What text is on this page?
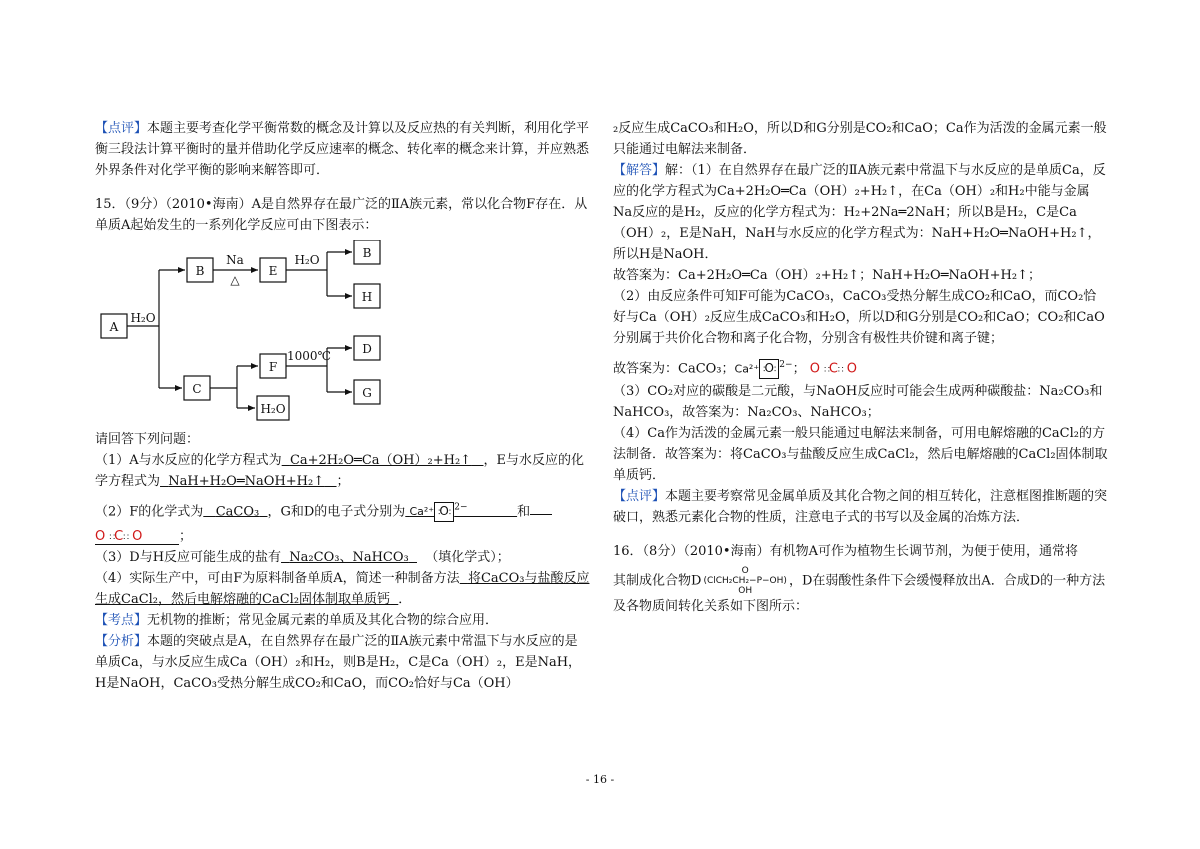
【点评】本题主要考查化学平衡常数的概念及计算以及反应热的有关判断，利用化学平衡三段法计算平衡时的量并借助化学反应速率的概念、转化率的概念来计算，并应熟悉外界条件对化学平衡的影响来解答即可．

15．（9分）（2010•海南）A是自然界存在最广泛的ⅡA族元素，常以化合物F存在．从单质A起始发生的一系列化学反应可由下图表示：

A
B	E
B
H
C
F
H₂O
D
G
H₂O
Na
△
H₂O
1000℃

请回答下列问题：

（1）A与水反应的化学方程式为 Ca+2H₂O═Ca（OH）₂+H₂↑ ，E与水反应的化学方程式为 NaH+H₂O═NaOH+H₂↑ ；

（2）F的化学式为 CaCO₃ ，G和D的电子式分别为 Ca²⁺ ∶O∶ $^{2-}$	和

O ∷C∷ O	；

（3）D与H反应可能生成的盐有 Na₂CO₃、NaHCO₃ （填化学式）；

（4）实际生产中，可由F为原料制备单质A，简述一种制备方法 将CaCO₃与盐酸反应生成CaCl₂，然后电解熔融的CaCl₂固体制取单质钙 ．

【考点】无机物的推断；常见金属元素的单质及其化合物的综合应用．

【分析】本题的突破点是A，在自然界存在最广泛的ⅡA族元素中常温下与水反应的是单质Ca，与水反应生成Ca（OH）₂和H₂，则B是H₂，C是Ca（OH）₂，E是NaH，H是NaOH，CaCO₃受热分解生成CO₂和CaO，而CO₂恰好与Ca（OH）

₂反应生成CaCO₃和H₂O，所以D和G分别是CO₂和CaO；Ca作为活泼的金属元素一般只能通过电解法来制备．

【解答】解：（1）在自然界存在最广泛的ⅡA族元素中常温下与水反应的是单质Ca，反应的化学方程式为Ca+2H₂O═Ca（OH）₂+H₂↑，在Ca（OH）₂和H₂中能与金属Na反应的是H₂，反应的化学方程式为：H₂+2Na═2NaH；所以B是H₂，C是Ca（OH）₂，E是NaH，NaH与水反应的化学方程式为：NaH+H₂O═NaOH+H₂↑，所以H是NaOH．

故答案为：Ca+2H₂O═Ca（OH）₂+H₂↑；NaH+H₂O═NaOH+H₂↑；

（2）由反应条件可知F可能为CaCO₃，CaCO₃受热分解生成CO₂和CaO，而CO₂恰好与Ca（OH）₂反应生成CaCO₃和H₂O，所以D和G分别是CO₂和CaO；CO₂和CaO分别属于共价化合物和离子化合物，分别含有极性共价键和离子键；

故答案为：CaCO₃；Ca²⁺ ∶O∶ $^{2-}$； O ∷C∷ O

（3）CO₂对应的碳酸是二元酸，与NaOH反应时可能会生成两种碳酸盐：Na₂CO₃和NaHCO₃，故答案为：Na₂CO₃、NaHCO₃；

（4）Ca作为活泼的金属元素一般只能通过电解法来制备，可用电解熔融的CaCl₂的方法制备．故答案为：将CaCO₃与盐酸反应生成CaCl₂，然后电解熔融的CaCl₂固体制取单质钙．

【点评】本题主要考察常见金属单质及其化合物之间的相互转化，注意框图推断题的突破口，熟悉元素化合物的性质，注意电子式的书写以及金属的冶炼方法．

16．（8分）（2010•海南）有机物A可作为植物生长调节剂，为便于使用，通常将

其制成化合物DO
(ClCH₂CH₂−P−OH)
OH，D在弱酸性条件下会缓慢释放出A．合成D的一种方法及各物质间转化关系如下图所示：

- 16 -
